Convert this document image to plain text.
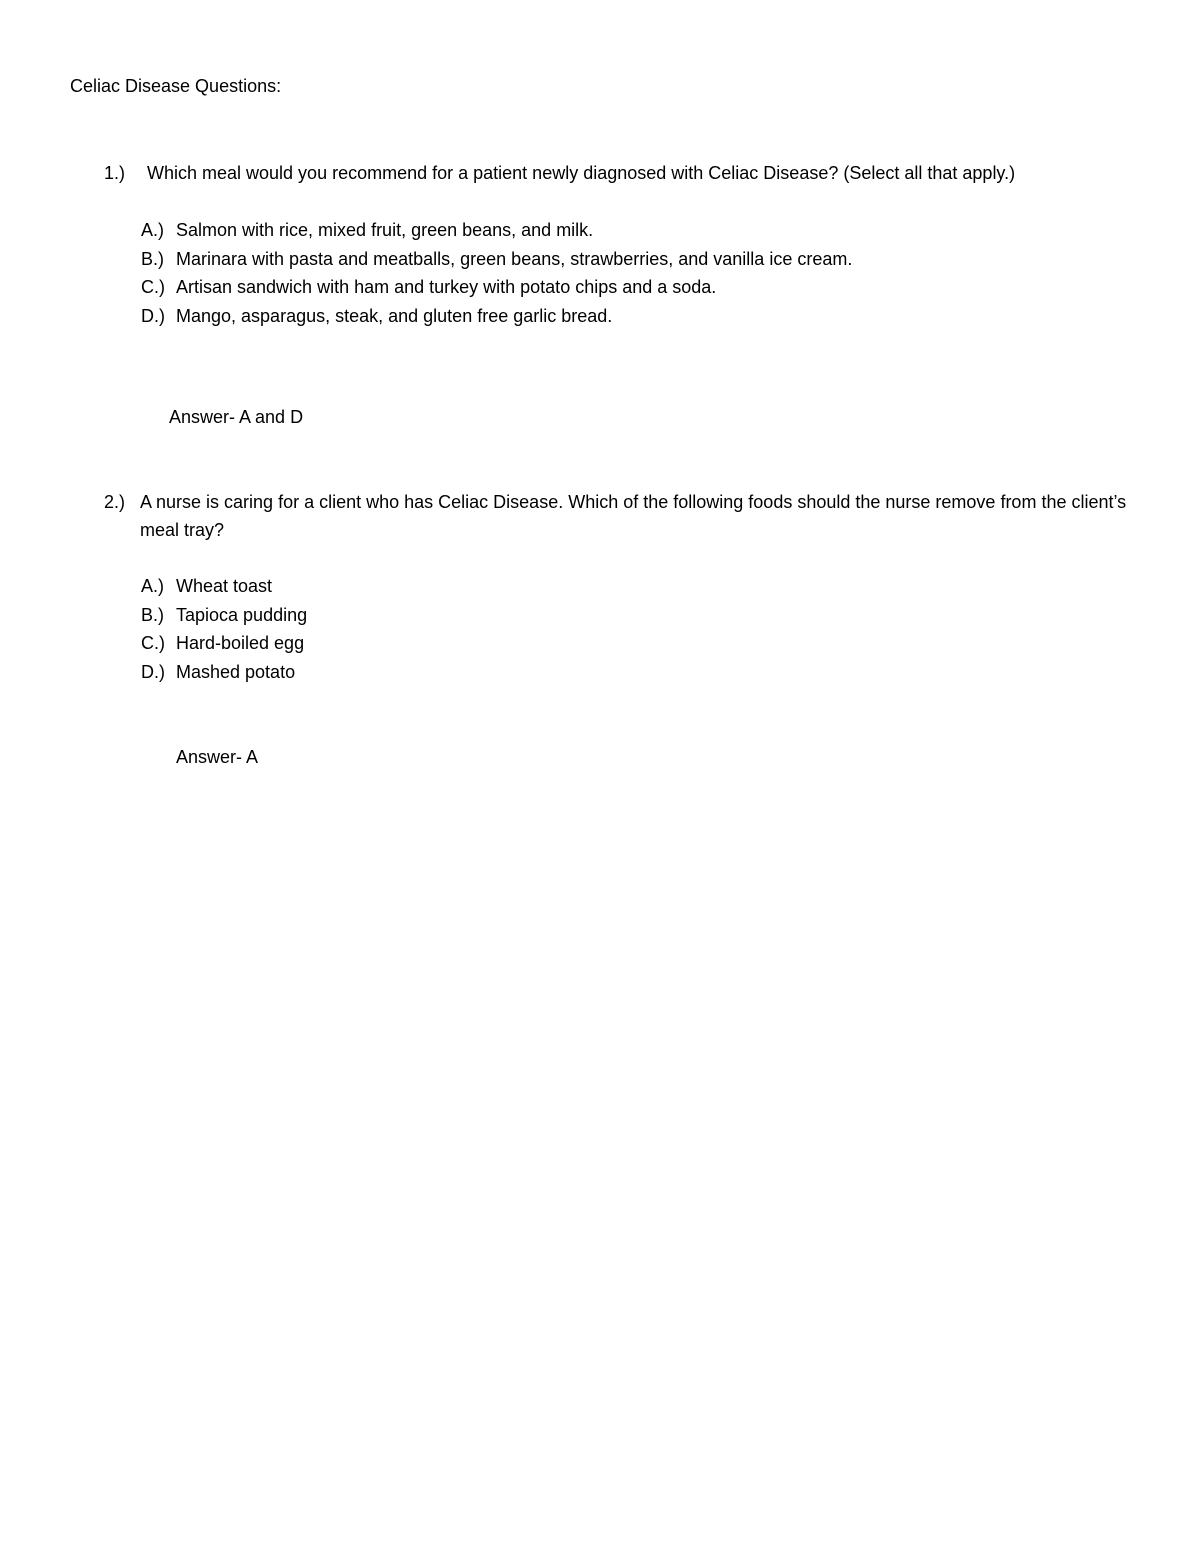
Celiac Disease Questions:
1.) Which meal would you recommend for a patient newly diagnosed with Celiac Disease? (Select all that apply.)
A.) Salmon with rice, mixed fruit, green beans, and milk.
B.) Marinara with pasta and meatballs, green beans, strawberries, and vanilla ice cream.
C.) Artisan sandwich with ham and turkey with potato chips and a soda.
D.) Mango, asparagus, steak, and gluten free garlic bread.
Answer- A and D
2.) A nurse is caring for a client who has Celiac Disease. Which of the following foods should the nurse remove from the client’s meal tray?
A.) Wheat toast
B.) Tapioca pudding
C.) Hard-boiled egg
D.) Mashed potato
Answer- A
